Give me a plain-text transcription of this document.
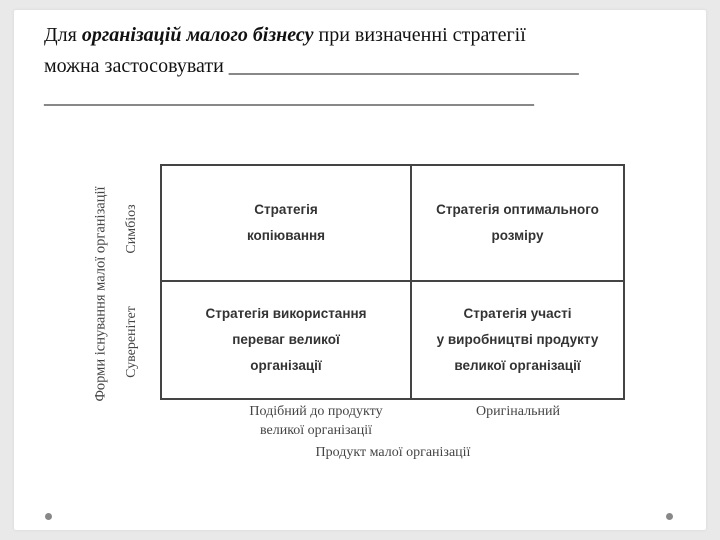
Для організацій малого бізнесу при визначенні стратегії
можна застосовувати ___________________________________
_________________________________________________
Форми існування малої організації Симбіоз
Суверенітет
Стратегія
копіювання
Стратегія оптимального
розміру
Стратегія використання
переваг великої
організації
Стратегія участі
у виробництві продукту
великої організації
Подібний до продукту
великої організації
Оригінальний
Продукт малої організації
